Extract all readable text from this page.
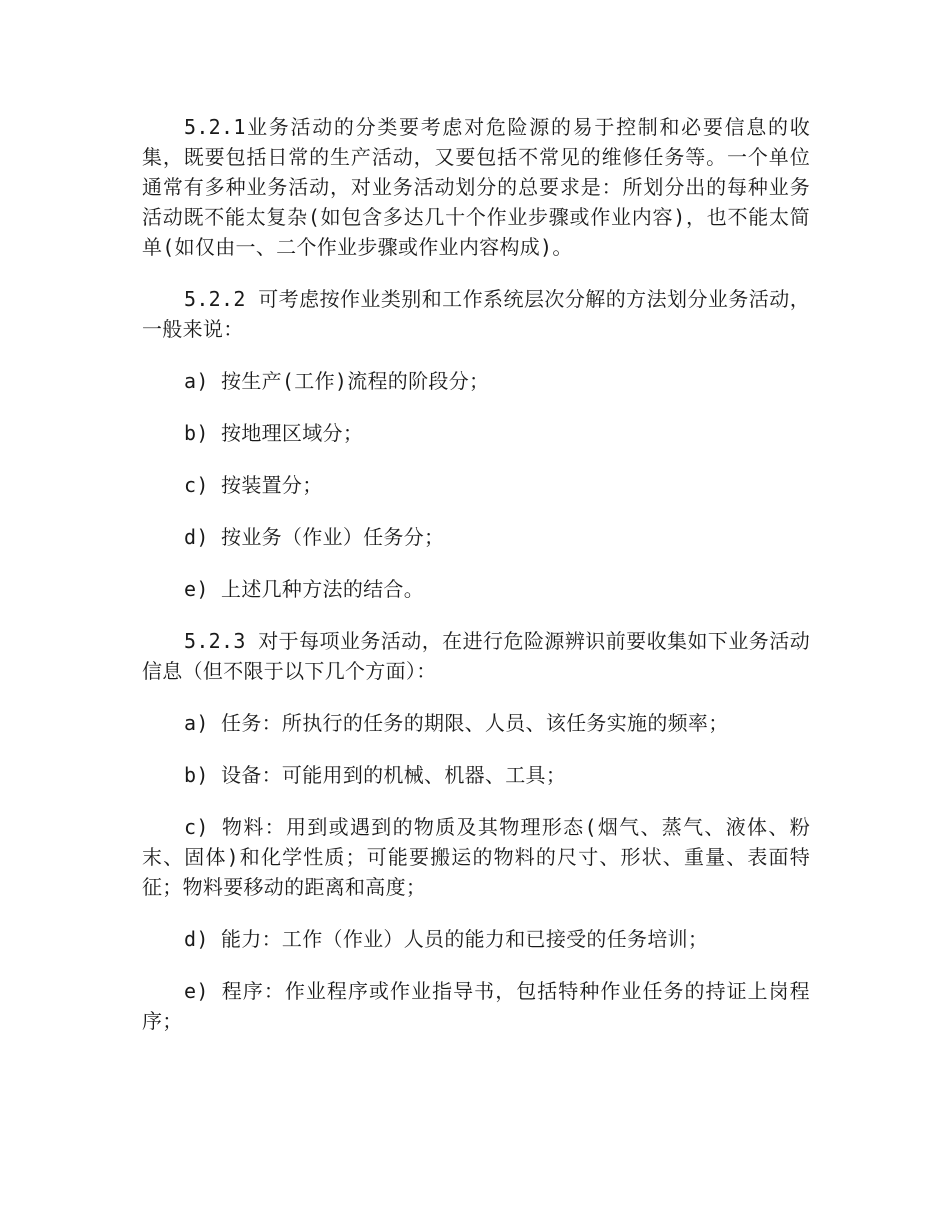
5.2.1业务活动的分类要考虑对危险源的易于控制和必要信息的收集，既要包括日常的生产活动，又要包括不常见的维修任务等。一个单位通常有多种业务活动，对业务活动划分的总要求是：所划分出的每种业务活动既不能太复杂(如包含多达几十个作业步骤或作业内容)，也不能太简单(如仅由一、二个作业步骤或作业内容构成)。

5.2.2 可考虑按作业类别和工作系统层次分解的方法划分业务活动，一般来说：

a) 按生产(工作)流程的阶段分；

b) 按地理区域分；

c) 按装置分；

d) 按业务（作业）任务分；

e) 上述几种方法的结合。

5.2.3 对于每项业务活动，在进行危险源辨识前要收集如下业务活动信息（但不限于以下几个方面）：

a) 任务：所执行的任务的期限、人员、该任务实施的频率；

b) 设备：可能用到的机械、机器、工具；

c) 物料：用到或遇到的物质及其物理形态(烟气、蒸气、液体、粉末、固体)和化学性质；可能要搬运的物料的尺寸、形状、重量、表面特征；物料要移动的距离和高度；

d) 能力：工作（作业）人员的能力和已接受的任务培训；

e) 程序：作业程序或作业指导书，包括特种作业任务的持证上岗程序；
